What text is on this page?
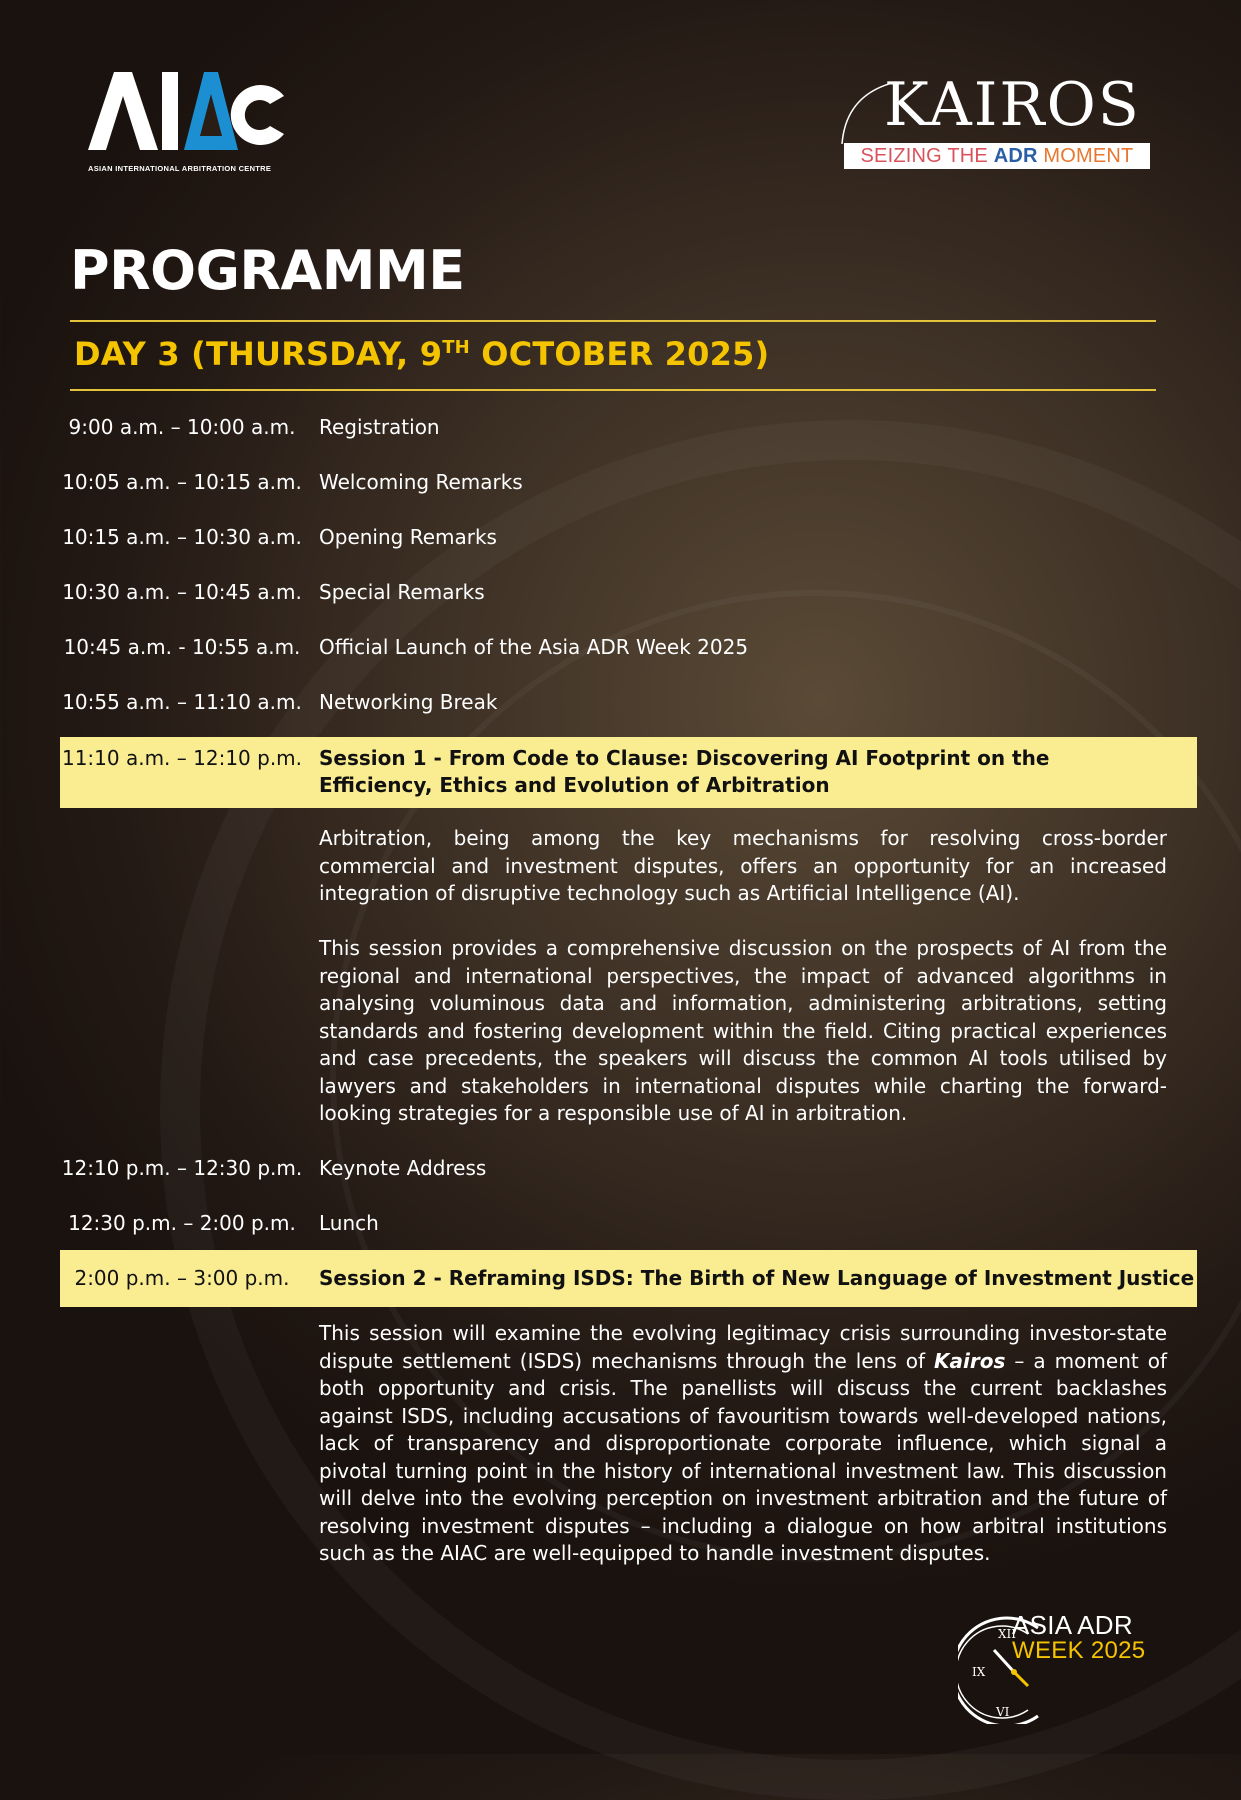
ASIAN INTERNATIONAL ARBITRATION CENTRE
KAIROS
SEIZING THE ADR MOMENT
PROGRAMME
DAY 3 (THURSDAY, 9TH OCTOBER 2025)
9:00 a.m. – 10:00 a.m.	Registration
10:05 a.m. – 10:15 a.m. Welcoming Remarks
10:15 a.m. – 10:30 a.m. Opening Remarks
10:30 a.m. – 10:45 a.m. Special Remarks
10:45 a.m. - 10:55 a.m. Official Launch of the Asia ADR Week 2025
10:55 a.m. – 11:10 a.m. Networking Break
11:10 a.m. – 12:10 p.m. Session 1 - From Code to Clause: Discovering AI Footprint on the Efficiency, Ethics and Evolution of Arbitration
Arbitration, being among the key mechanisms for resolving cross-border commercial and investment disputes, offers an opportunity for an increased integration of disruptive technology such as Artificial Intelligence (AI).
This session provides a comprehensive discussion on the prospects of AI from the regional and international perspectives, the impact of advanced algorithms in analysing voluminous data and information, administering arbitrations, setting standards and fostering development within the field. Citing practical experiences and case precedents, the speakers will discuss the common AI tools utilised by lawyers and stakeholders in international disputes while charting the forward-looking strategies for a responsible use of AI in arbitration.
12:10 p.m. – 12:30 p.m. Keynote Address
12:30 p.m. – 2:00 p.m.	Lunch
2:00 p.m. – 3:00 p.m.	Session 2 - Reframing ISDS: The Birth of New Language of Investment Justice
This session will examine the evolving legitimacy crisis surrounding investor-state dispute settlement (ISDS) mechanisms through the lens of Kairos – a moment of both opportunity and crisis. The panellists will discuss the current backlashes against ISDS, including accusations of favouritism towards well-developed nations, lack of transparency and disproportionate corporate influence, which signal a pivotal turning point in the history of international investment law. This discussion will delve into the evolving perception on investment arbitration and the future of resolving investment disputes – including a dialogue on how arbitral institutions such as the AIAC are well-equipped to handle investment disputes.
XII
IX
VI
ASIA ADR
WEEK 2025
